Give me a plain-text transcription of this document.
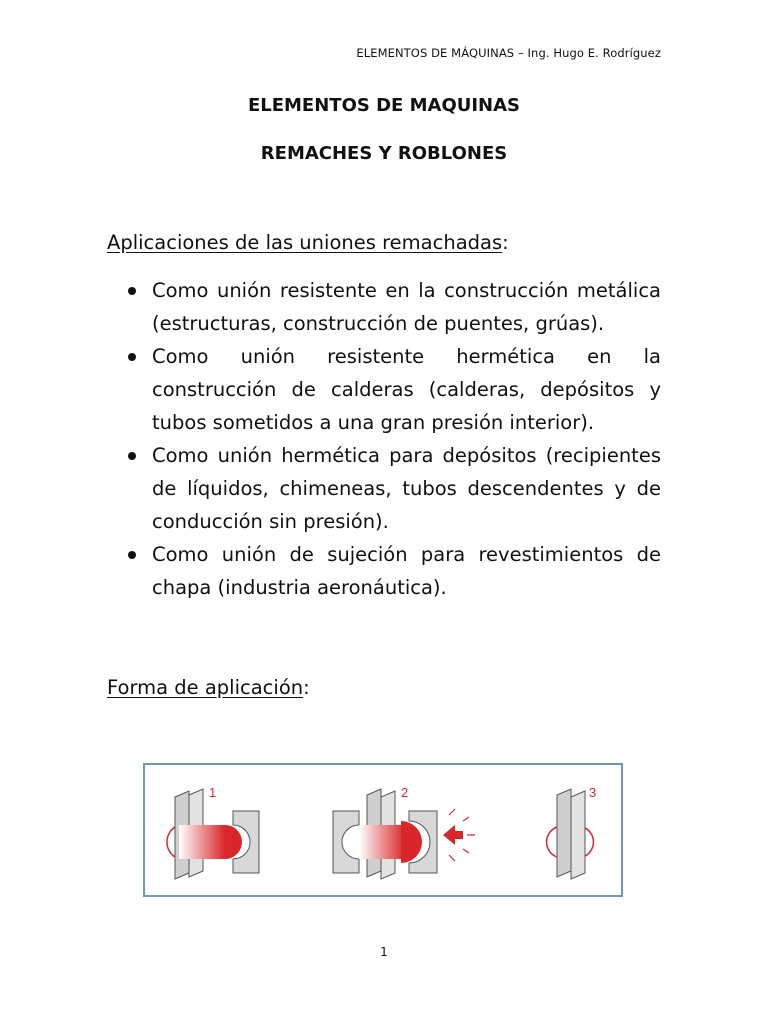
ELEMENTOS DE MÁQUINAS – Ing. Hugo E. Rodríguez
ELEMENTOS DE MAQUINAS
REMACHES Y ROBLONES
Aplicaciones de las uniones remachadas:
Como unión resistente en la construcción metálica (estructuras, construcción de puentes, grúas).
Como unión resistente hermética en la construcción de calderas (calderas, depósitos y tubos sometidos a una gran presión interior).
Como unión hermética para depósitos (recipientes de líquidos, chimeneas, tubos descendentes y de conducción sin presión).
Como unión de sujeción para revestimientos de chapa (industria aeronáutica).
Forma de aplicación:
1	2	3
1
